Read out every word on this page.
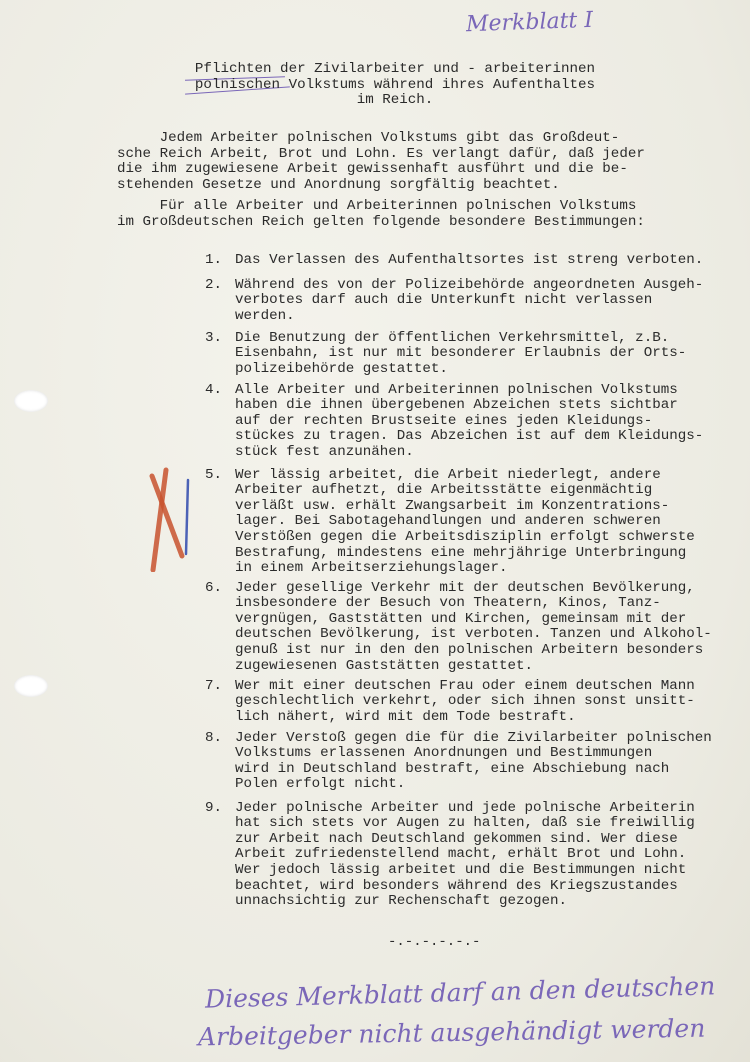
Merkblatt I
Pflichten der Zivilarbeiter und - arbeiterinnen
polnischen Volkstums während ihres Aufenthaltes
im Reich.
Jedem Arbeiter polnischen Volkstums gibt das Großdeut-
sche Reich Arbeit, Brot und Lohn. Es verlangt dafür, daß jeder
die ihm zugewiesene Arbeit gewissenhaft ausführt und die be-
stehenden Gesetze und Anordnung sorgfältig beachtet.
Für alle Arbeiter und Arbeiterinnen polnischen Volkstums
im Großdeutschen Reich gelten folgende besondere Bestimmungen:

1. Das Verlassen des Aufenthaltsortes ist streng verboten.

2. Während des von der Polizeibehörde angeordneten Ausgeh-
verbotes darf auch die Unterkunft nicht verlassen
werden.

3. Die Benutzung der öffentlichen Verkehrsmittel, z.B.
Eisenbahn, ist nur mit besonderer Erlaubnis der Orts-
polizeibehörde gestattet.

4. Alle Arbeiter und Arbeiterinnen polnischen Volkstums
haben die ihnen übergebenen Abzeichen stets sichtbar
auf der rechten Brustseite eines jeden Kleidungs-
stückes zu tragen. Das Abzeichen ist auf dem Kleidungs-
stück fest anzunähen.

5. Wer lässig arbeitet, die Arbeit niederlegt, andere
Arbeiter aufhetzt, die Arbeitsstätte eigenmächtig
verläßt usw. erhält Zwangsarbeit im Konzentrations-
lager. Bei Sabotagehandlungen und anderen schweren
Verstößen gegen die Arbeitsdisziplin erfolgt schwerste
Bestrafung, mindestens eine mehrjährige Unterbringung
in einem Arbeitserziehungslager.

6. Jeder gesellige Verkehr mit der deutschen Bevölkerung,
insbesondere der Besuch von Theatern, Kinos, Tanz-
vergnügen, Gaststätten und Kirchen, gemeinsam mit der
deutschen Bevölkerung, ist verboten. Tanzen und Alkohol-
genuß ist nur in den den polnischen Arbeitern besonders
zugewiesenen Gaststätten gestattet.

7. Wer mit einer deutschen Frau oder einem deutschen Mann
geschlechtlich verkehrt, oder sich ihnen sonst unsitt-
lich nähert, wird mit dem Tode bestraft.

8. Jeder Verstoß gegen die für die Zivilarbeiter polnischen
Volkstums erlassenen Anordnungen und Bestimmungen
wird in Deutschland bestraft, eine Abschiebung nach
Polen erfolgt nicht.

9. Jeder polnische Arbeiter und jede polnische Arbeiterin
hat sich stets vor Augen zu halten, daß sie freiwillig
zur Arbeit nach Deutschland gekommen sind. Wer diese
Arbeit zufriedenstellend macht, erhält Brot und Lohn.
Wer jedoch lässig arbeitet und die Bestimmungen nicht
beachtet, wird besonders während des Kriegszustandes
unnachsichtig zur Rechenschaft gezogen.

-.-.-.-.-.-
Dieses Merkblatt darf an den deutschen
Arbeitgeber nicht ausgehändigt werden
